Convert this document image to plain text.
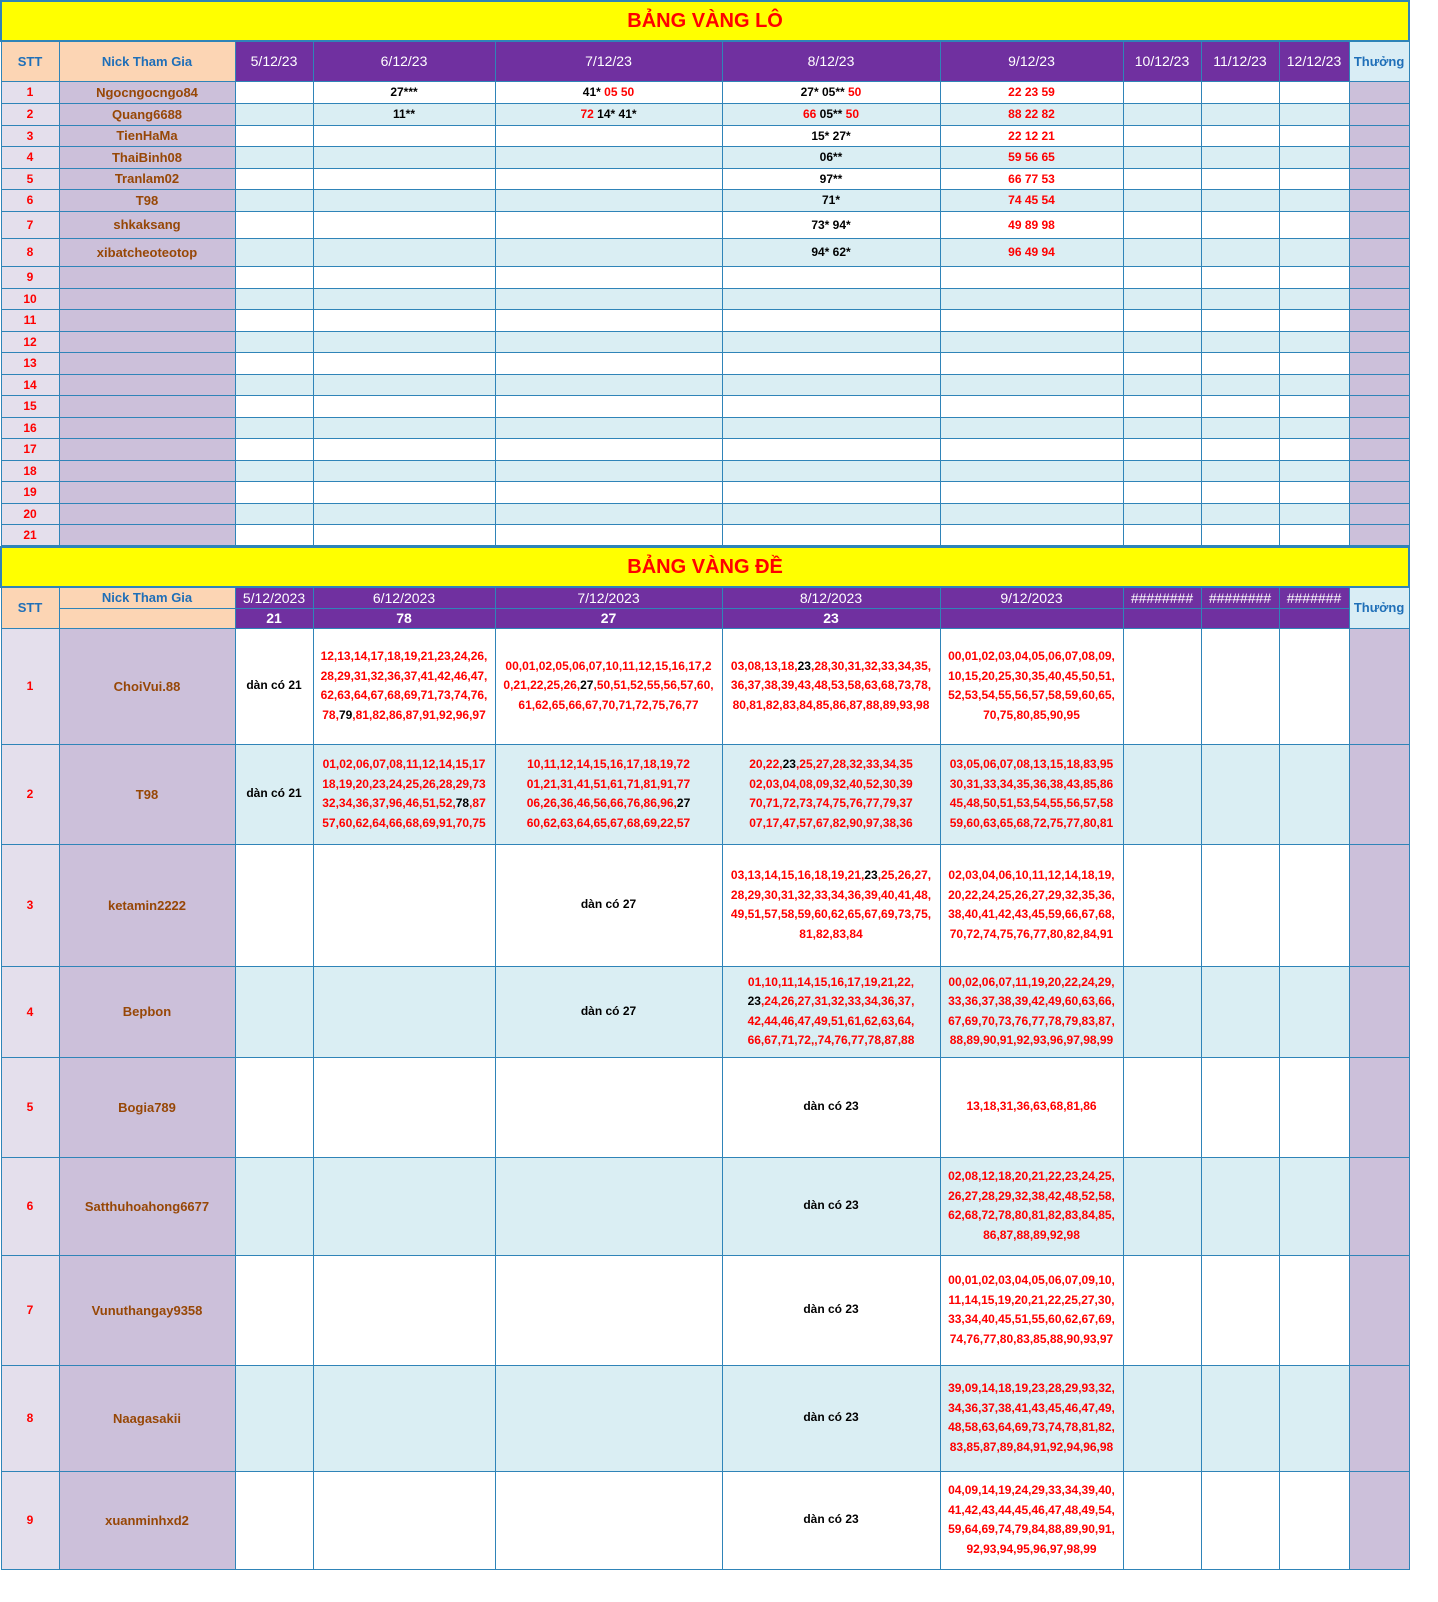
BẢNG VÀNG LÔ										
STT	Nick Tham Gia	5/12/23	6/12/23	7/12/23	8/12/23	9/12/23	10/12/23	11/12/23	12/12/23	Thưởng
1	Ngocngocngo84		27***	41* 05 50	27* 05** 50	22 23 59				
2	Quang6688		11**	72 14* 41*	66 05** 50	88 22 82				
3	TienHaMa				15* 27*	22 12 21				
4	ThaiBinh08				06**	59 56 65				
5	Tranlam02				97**	66 77 53				
6	T98				71*	74 45 54				
7	shkaksang				73* 94*	49 89 98				
8	xibatcheoteotop				94* 62*	96 49 94				
9										
10										
11										
12										
13										
14										
15										
16										
17										
18										
19										
20										
21										
BẢNG VÀNG ĐỀ										
STT	Nick Tham Gia	5/12/2023	6/12/2023	7/12/2023	8/12/2023	9/12/2023	########	########	#######	Thưởng
		21	78	27	23					
1	ChoiVui.88	dàn có 21	12,13,14,17,18,19,21,23,24,26,
28,29,31,32,36,37,41,42,46,47,
62,63,64,67,68,69,71,73,74,76,
78,79,81,82,86,87,91,92,96,97	00,01,02,05,06,07,10,11,12,15,16,17,2
0,21,22,25,26,27,50,51,52,55,56,57,60,
61,62,65,66,67,70,71,72,75,76,77	03,08,13,18,23,28,30,31,32,33,34,35,
36,37,38,39,43,48,53,58,63,68,73,78,
80,81,82,83,84,85,86,87,88,89,93,98	00,01,02,03,04,05,06,07,08,09,
10,15,20,25,30,35,40,45,50,51,
52,53,54,55,56,57,58,59,60,65,
70,75,80,85,90,95				
2	T98	dàn có 21	01,02,06,07,08,11,12,14,15,17
18,19,20,23,24,25,26,28,29,73
32,34,36,37,96,46,51,52,78,87
57,60,62,64,66,68,69,91,70,75	10,11,12,14,15,16,17,18,19,72
01,21,31,41,51,61,71,81,91,77
06,26,36,46,56,66,76,86,96,27
60,62,63,64,65,67,68,69,22,57	20,22,23,25,27,28,32,33,34,35
02,03,04,08,09,32,40,52,30,39
70,71,72,73,74,75,76,77,79,37
07,17,47,57,67,82,90,97,38,36	03,05,06,07,08,13,15,18,83,95
30,31,33,34,35,36,38,43,85,86
45,48,50,51,53,54,55,56,57,58
59,60,63,65,68,72,75,77,80,81				
3	ketamin2222			dàn có 27	03,13,14,15,16,18,19,21,23,25,26,27,
28,29,30,31,32,33,34,36,39,40,41,48,
49,51,57,58,59,60,62,65,67,69,73,75,
81,82,83,84	02,03,04,06,10,11,12,14,18,19,
20,22,24,25,26,27,29,32,35,36,
38,40,41,42,43,45,59,66,67,68,
70,72,74,75,76,77,80,82,84,91				
4	Bepbon			dàn có 27	01,10,11,14,15,16,17,19,21,22,
23,24,26,27,31,32,33,34,36,37,
42,44,46,47,49,51,61,62,63,64,
66,67,71,72,,74,76,77,78,87,88	00,02,06,07,11,19,20,22,24,29,
33,36,37,38,39,42,49,60,63,66,
67,69,70,73,76,77,78,79,83,87,
88,89,90,91,92,93,96,97,98,99				
5	Bogia789				dàn có 23	13,18,31,36,63,68,81,86				
6	Satthuhoahong6677				dàn có 23	02,08,12,18,20,21,22,23,24,25,
26,27,28,29,32,38,42,48,52,58,
62,68,72,78,80,81,82,83,84,85,
86,87,88,89,92,98				
7	Vunuthangay9358				dàn có 23	00,01,02,03,04,05,06,07,09,10,
11,14,15,19,20,21,22,25,27,30,
33,34,40,45,51,55,60,62,67,69,
74,76,77,80,83,85,88,90,93,97				
8	Naagasakii				dàn có 23	39,09,14,18,19,23,28,29,93,32,
34,36,37,38,41,43,45,46,47,49,
48,58,63,64,69,73,74,78,81,82,
83,85,87,89,84,91,92,94,96,98				
9	xuanminhxd2				dàn có 23	04,09,14,19,24,29,33,34,39,40,
41,42,43,44,45,46,47,48,49,54,
59,64,69,74,79,84,88,89,90,91,
92,93,94,95,96,97,98,99				
